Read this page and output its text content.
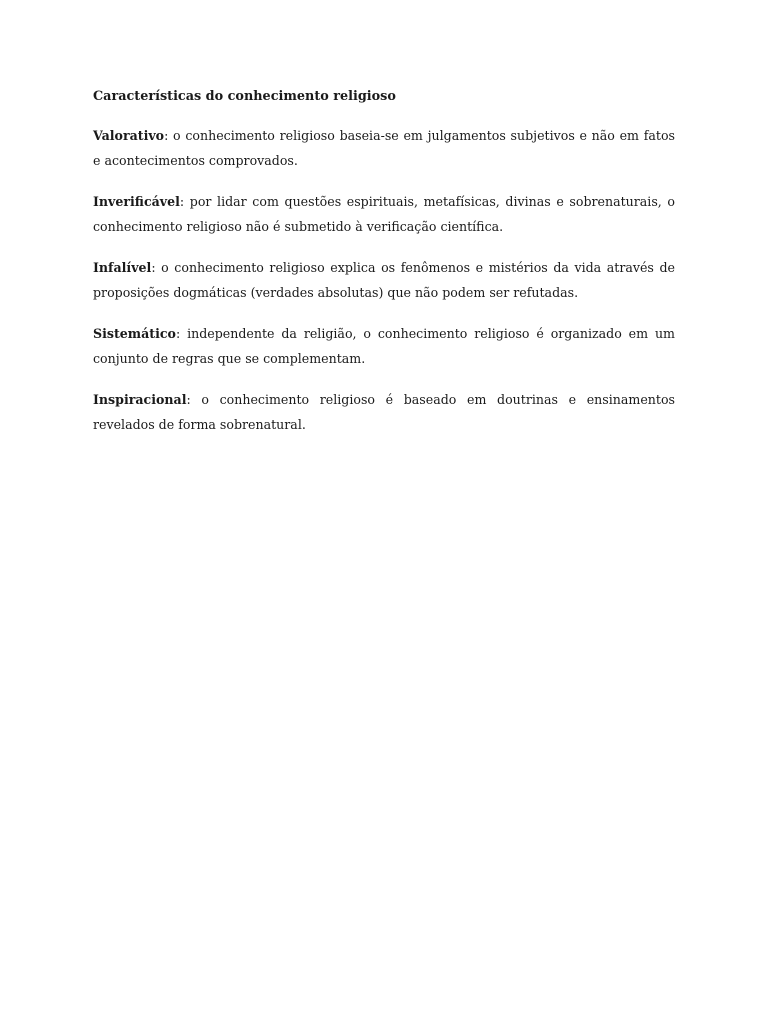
Características do conhecimento religioso

Valorativo: o conhecimento religioso baseia-se em julgamentos subjetivos e não em fatos e acontecimentos comprovados.

Inverificável: por lidar com questões espirituais, metafísicas, divinas e sobrenaturais, o conhecimento religioso não é submetido à verificação científica.

Infalível: o conhecimento religioso explica os fenômenos e mistérios da vida através de proposições dogmáticas (verdades absolutas) que não podem ser refutadas.

Sistemático: independente da religião, o conhecimento religioso é organizado em um conjunto de regras que se complementam.

Inspiracional: o conhecimento religioso é baseado em doutrinas e ensinamentos revelados de forma sobrenatural.
